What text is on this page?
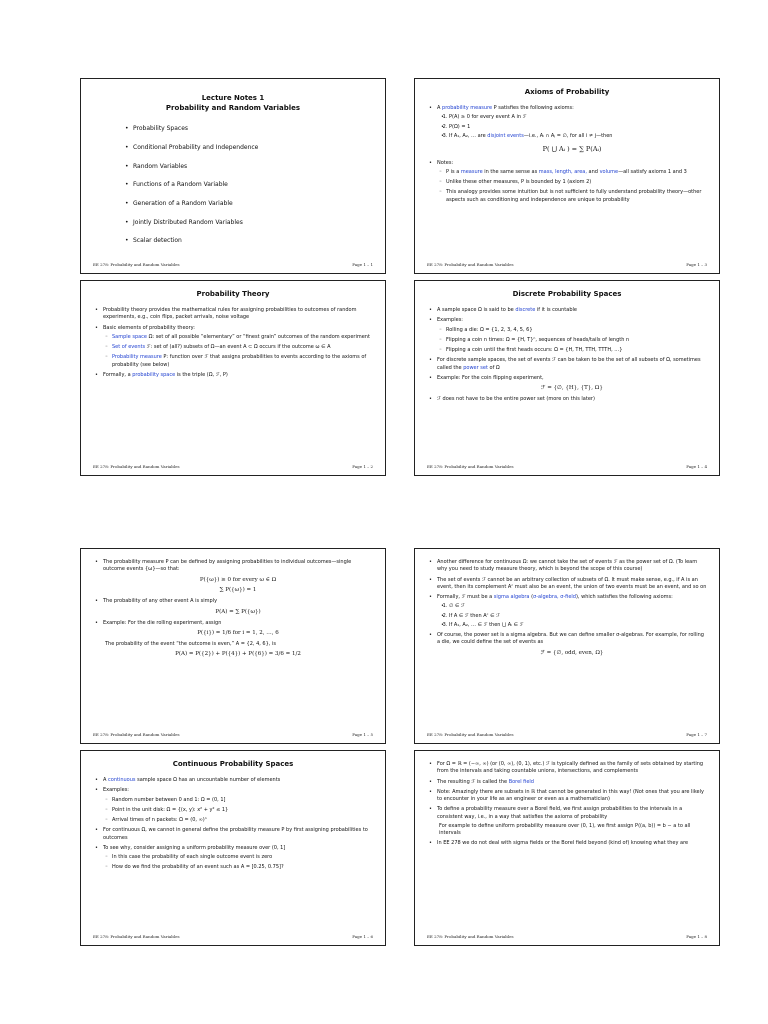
Lecture Notes 1
Probability and Random Variables
• Probability Spaces
• Conditional Probability and Independence
• Random Variables
• Functions of a Random Variable
• Generation of a Random Variable
• Jointly Distributed Random Variables
• Scalar detection
EE 278: Probability and Random Variables	Page 1 – 1
Axioms of Probability
• A probability measure P satisfies the following axioms:
• 1. P(A) ≥ 0 for every event A in ℱ
• 2. P(Ω) = 1
• 3. If A₁, A₂, … are disjoint events—i.e., Aᵢ ∩ Aⱼ = ∅, for all i ≠ j—then
P( ⋃ Aᵢ ) = ∑ P(Aᵢ)
• Notes:
◦ P is a measure in the same sense as mass, length, area, and volume—all satisfy axioms 1 and 3
◦ Unlike these other measures, P is bounded by 1 (axiom 2)
◦ This analogy provides some intuition but is not sufficient to fully understand probability theory—other aspects such as conditioning and independence are unique to probability
EE 278: Probability and Random Variables	Page 1 – 3
Probability Theory
• Probability theory provides the mathematical rules for assigning probabilities to outcomes of random experiments, e.g., coin flips, packet arrivals, noise voltage
• Basic elements of probability theory:
◦ Sample space Ω: set of all possible “elementary” or “finest grain” outcomes of the random experiment
◦ Set of events ℱ: set of (all?) subsets of Ω—an event A ⊂ Ω occurs if the outcome ω ∈ A
◦ Probability measure P: function over ℱ that assigns probabilities to events according to the axioms of probability (see below)
• Formally, a probability space is the triple (Ω, ℱ, P)
EE 278: Probability and Random Variables	Page 1 – 2
Discrete Probability Spaces
• A sample space Ω is said to be discrete if it is countable
• Examples:
◦ Rolling a die: Ω = {1, 2, 3, 4, 5, 6}
◦ Flipping a coin n times: Ω = {H, T}ⁿ, sequences of heads/tails of length n
◦ Flipping a coin until the first heads occurs: Ω = {H, TH, TTH, TTTH, …}
• For discrete sample spaces, the set of events ℱ can be taken to be the set of all subsets of Ω, sometimes called the power set of Ω
• Example: For the coin flipping experiment,
ℱ = {∅, {H}, {T}, Ω}
• ℱ does not have to be the entire power set (more on this later)
EE 278: Probability and Random Variables	Page 1 – 4
• The probability measure P can be defined by assigning probabilities to individual outcomes—single outcome events {ω}—so that:
P({ω}) ≥ 0 for every ω ∈ Ω
∑ P({ω}) = 1
• The probability of any other event A is simply
P(A) = ∑ P({ω})
• Example: For the die rolling experiment, assign
P({i}) = 1/6 for i = 1, 2, …, 6
The probability of the event “the outcome is even,” A = {2, 4, 6}, is
P(A) = P({2}) + P({4}) + P({6}) = 3/6 = 1/2
EE 278: Probability and Random Variables	Page 1 – 5
• Another difference for continuous Ω: we cannot take the set of events ℱ as the power set of Ω. (To learn why you need to study measure theory, which is beyond the scope of this course)
• The set of events ℱ cannot be an arbitrary collection of subsets of Ω. It must make sense, e.g., if A is an event, then its complement Aᶜ must also be an event, the union of two events must be an event, and so on
• Formally, ℱ must be a sigma algebra (σ-algebra, σ-field), which satisfies the following axioms:
• 1. ∅ ∈ ℱ
• 2. If A ∈ ℱ then Aᶜ ∈ ℱ
• 3. If A₁, A₂, … ∈ ℱ then ⋃ Aᵢ ∈ ℱ
• Of course, the power set is a sigma algebra. But we can define smaller σ-algebras. For example, for rolling a die, we could define the set of events as
ℱ = {∅, odd, even, Ω}
EE 278: Probability and Random Variables	Page 1 – 7
Continuous Probability Spaces
• A continuous sample space Ω has an uncountable number of elements
• Examples:
◦ Random number between 0 and 1: Ω = (0, 1]
◦ Point in the unit disk: Ω = {(x, y): x² + y² ≤ 1}
◦ Arrival times of n packets: Ω = (0, ∞)ⁿ
• For continuous Ω, we cannot in general define the probability measure P by first assigning probabilities to outcomes
• To see why, consider assigning a uniform probability measure over (0, 1]
◦ In this case the probability of each single outcome event is zero
◦ How do we find the probability of an event such as A = [0.25, 0.75]?
EE 278: Probability and Random Variables	Page 1 – 6
• For Ω = ℝ = (−∞, ∞) (or (0, ∞), (0, 1), etc.) ℱ is typically defined as the family of sets obtained by starting from the intervals and taking countable unions, intersections, and complements
• The resulting ℱ is called the Borel field
• Note: Amazingly there are subsets in ℝ that cannot be generated in this way! (Not ones that you are likely to encounter in your life as an engineer or even as a mathematician)
• To define a probability measure over a Borel field, we first assign probabilities to the intervals in a consistent way, i.e., in a way that satisfies the axioms of probability
For example to define uniform probability measure over (0, 1), we first assign P((a, b)) = b − a to all intervals
• In EE 278 we do not deal with sigma fields or the Borel field beyond (kind of) knowing what they are
EE 278: Probability and Random Variables	Page 1 – 8
